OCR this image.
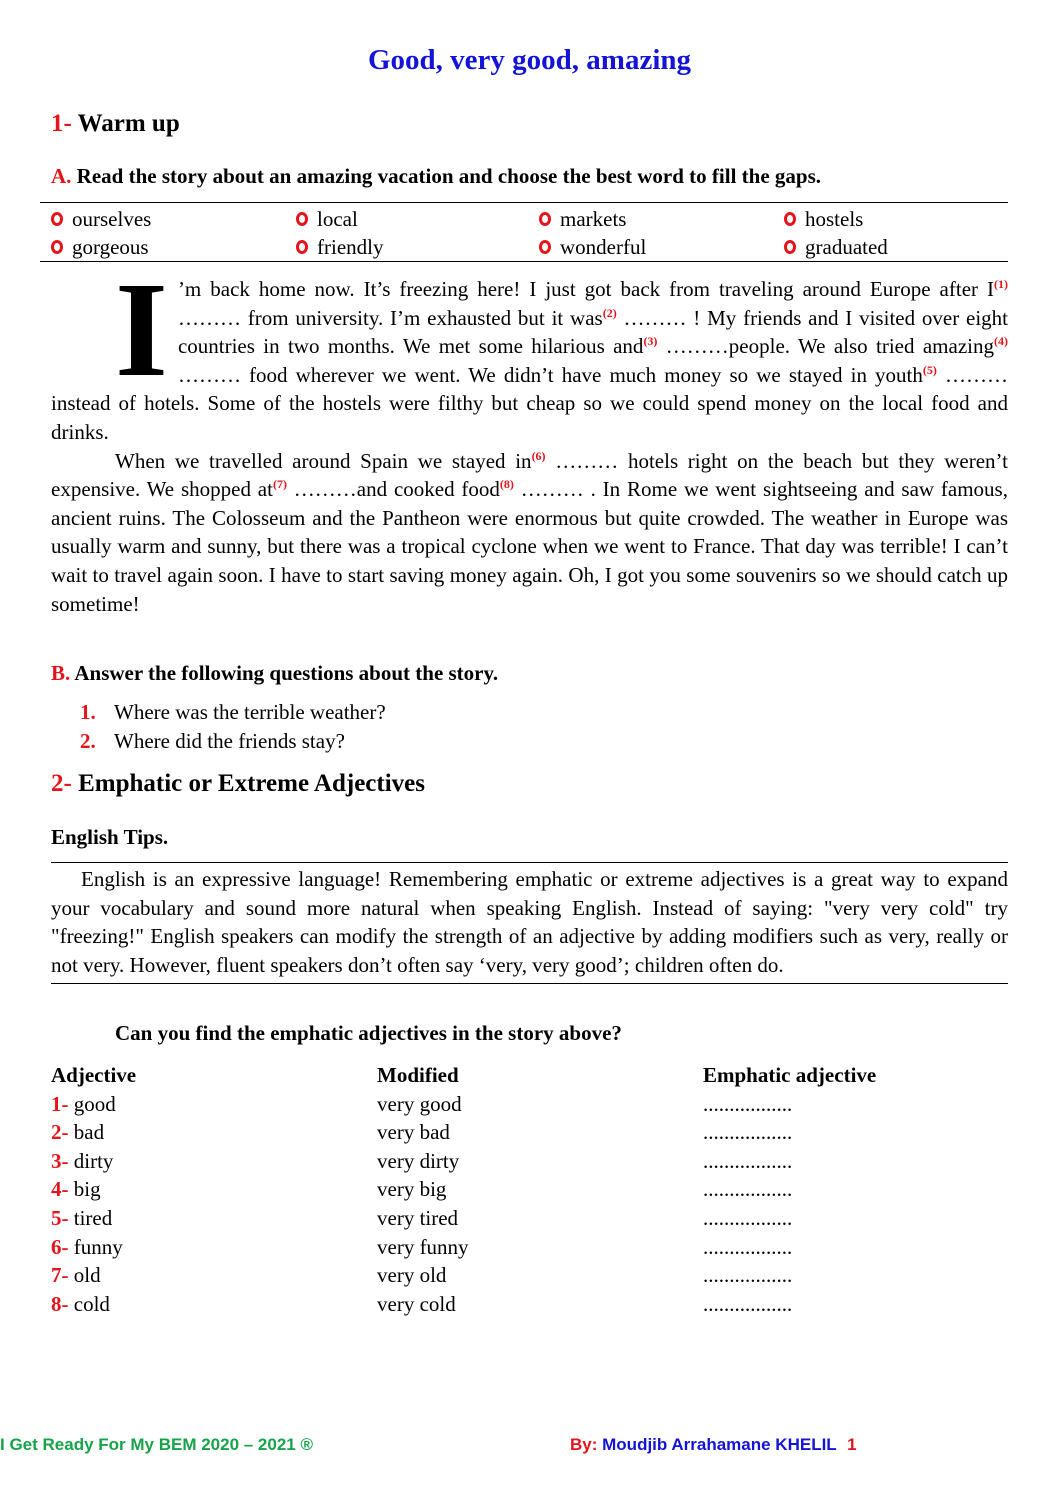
Good, very good, amazing
1- Warm up
A. Read the story about an amazing vacation and choose the best word to fill the gaps.
ourselves	local	markets	hostels
gorgeous	friendly	wonderful	graduated
I ’m back home now. It’s freezing here! I just got back from traveling around Europe after $I^{(1)}$ ……… from university. I’m exhausted but it was$^{(2)}$ ……… ! My friends and I visited over eight countries in two months. We met some hilarious and$^{(3)}$ ………people. We also tried amazing$^{(4)}$ ……… food wherever we went. We didn’t have much money so we stayed in youth$^{(5)}$ ……… instead of hotels. Some of the hostels were filthy but cheap so we could spend money on the local food and drinks.

When we travelled around Spain we stayed $in^{(6)}$ ……… hotels right on the beach but they weren’t expensive. We shopped $at^{(7)}$ ………and cooked food$^{(8)}$ ……… . In Rome we went sightseeing and saw famous, ancient ruins. The Colosseum and the Pantheon were enormous but quite crowded. The weather in Europe was usually warm and sunny, but there was a tropical cyclone when we went to France. That day was terrible! I can’t wait to travel again soon. I have to start saving money again. Oh, I got you some souvenirs so we should catch up sometime!

B. Answer the following questions about the story.
1. Where was the terrible weather?
2. Where did the friends stay?
2- Emphatic or Extreme Adjectives
English Tips.

English is an expressive language! Remembering emphatic or extreme adjectives is a great way to expand your vocabulary and sound more natural when speaking English. Instead of saying: "very very cold" try "freezing!" English speakers can modify the strength of an adjective by adding modifiers such as very, really or not very. However, fluent speakers don’t often say ‘very, very good’; children often do.

Can you find the emphatic adjectives in the story above?
Adjective	Modified	Emphatic adjective
1- good	very good	.................
2- bad	very bad	.................
3- dirty	very dirty	.................
4- big	very big	.................
5- tired	very tired	.................
6- funny	very funny	.................
7- old	very old	.................
8- cold	very cold	.................
I Get Ready For My BEM 2020 – 2021 ®	By: Moudjib Arrahamane KHELIL 1
